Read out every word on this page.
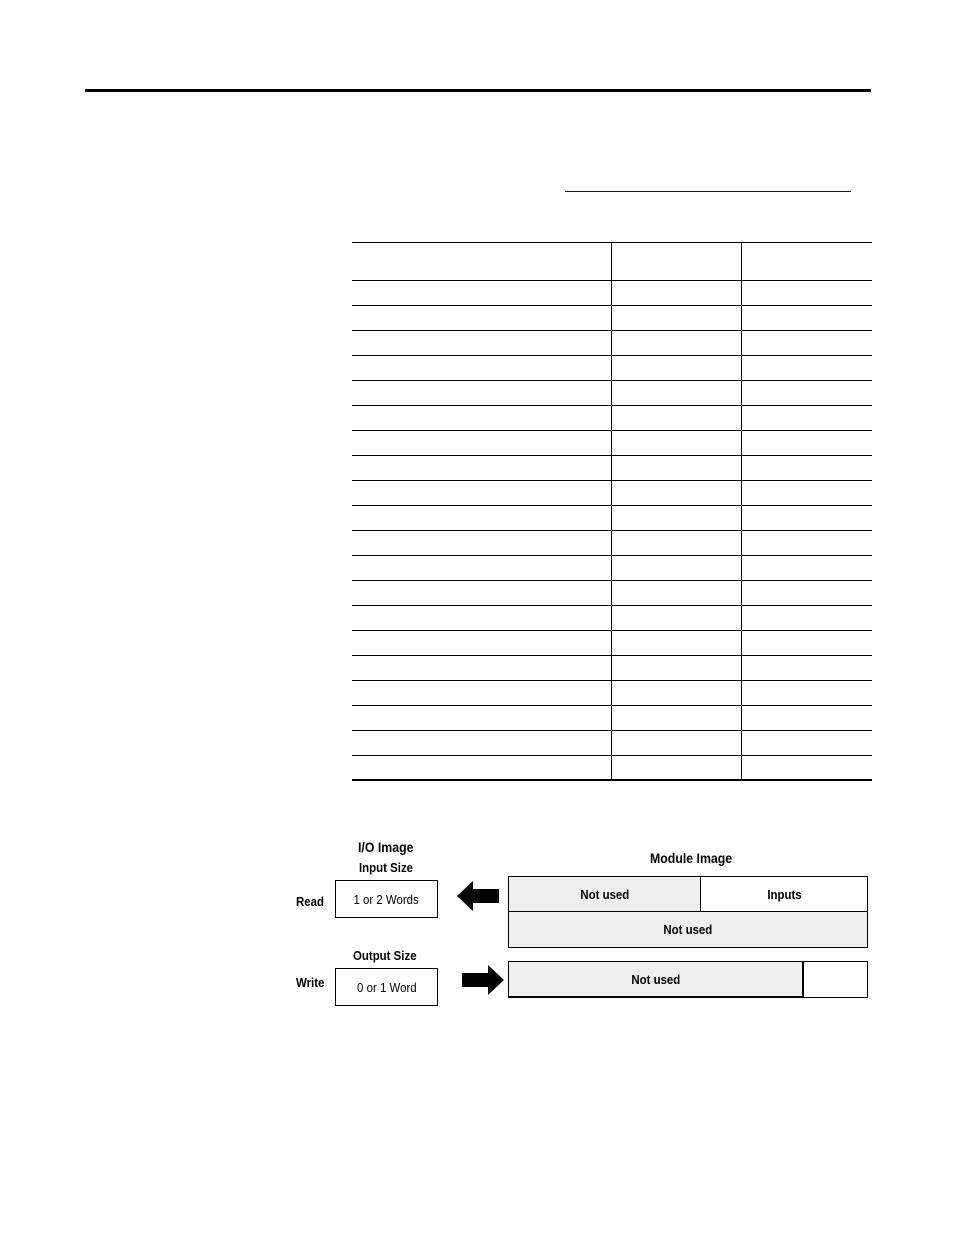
I/O Image
Input Size
Read 1 or 2 Words
Module Image
Not used	Inputs
Not used
Output Size
Write 0 or 1 Word
Not used
